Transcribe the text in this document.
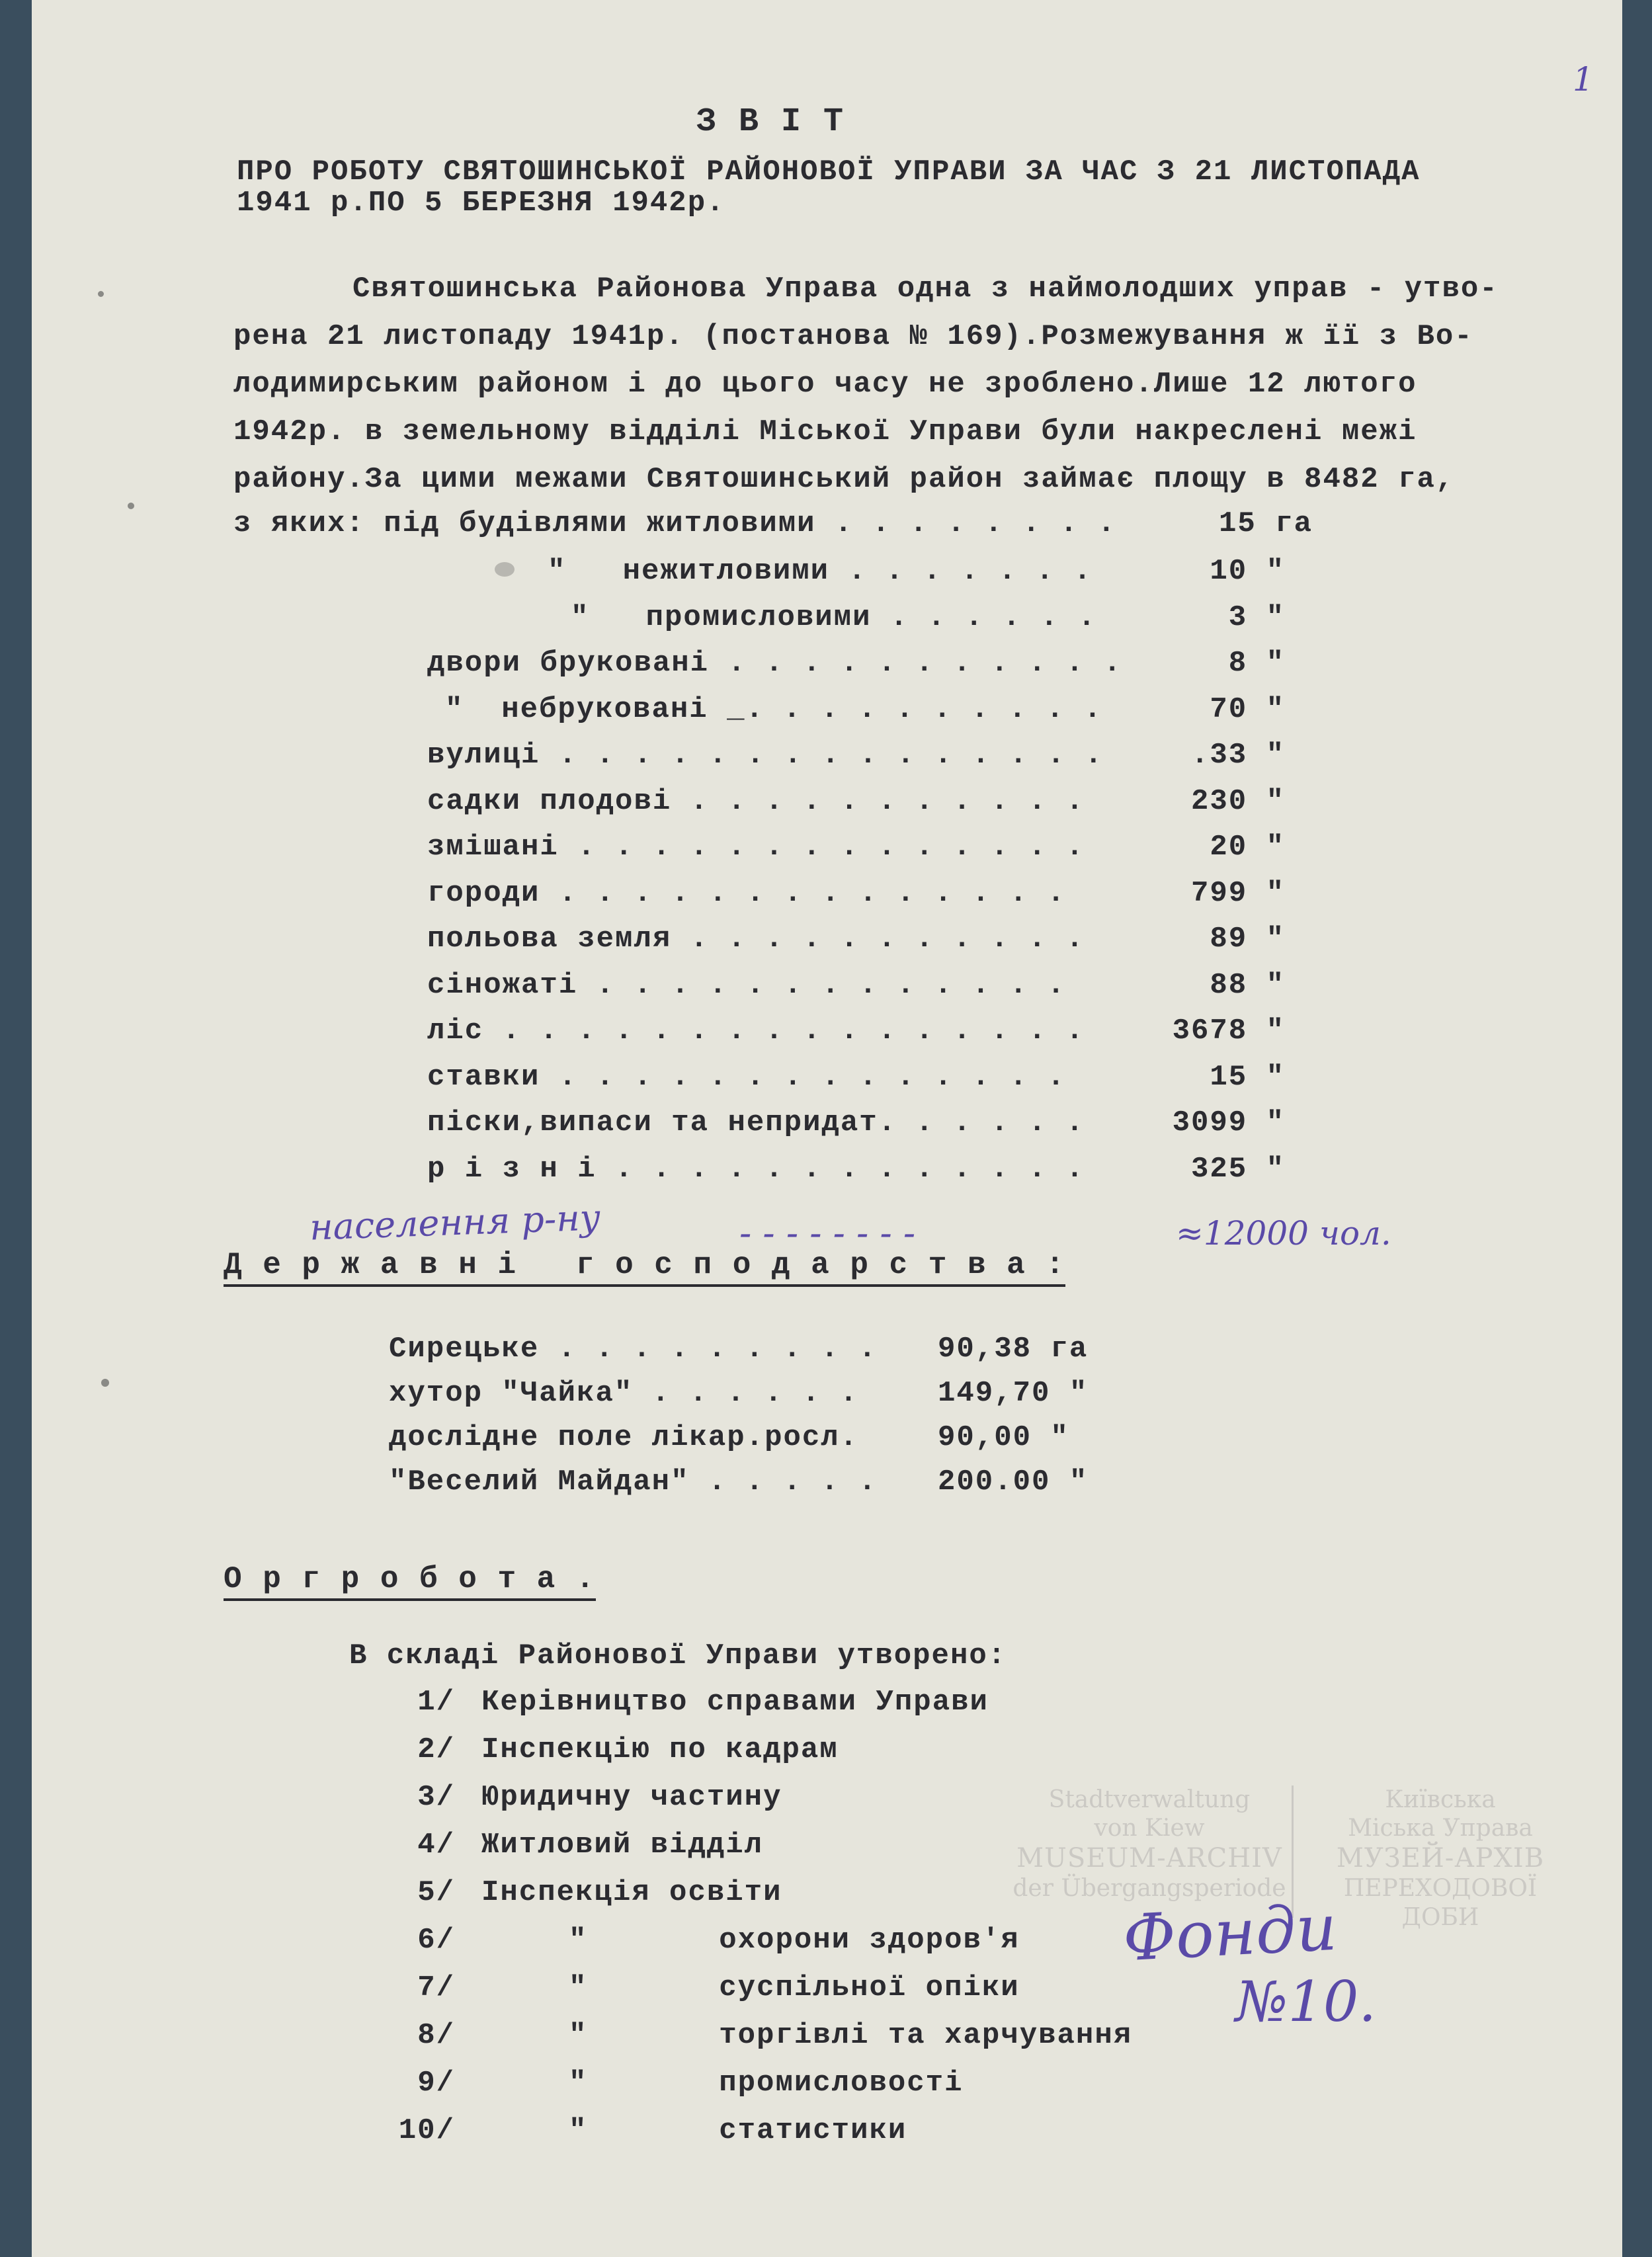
1
З В І Т
ПРО РОБОТУ СВЯТОШИНСЬКОЇ РАЙОНОВОЇ УПРАВИ ЗА ЧАС З 21 ЛИСТОПАДА
1941 р.ПО 5 БЕРЕЗНЯ 1942р.
Святошинська Районова Управа одна з наймолодших управ - утво-
рена 21 листопаду 1941р. (постанова № 169).Розмежування ж її з Во-
лодимирським районом і до цього часу не зроблено.Лише 12 лютого
1942р. в земельному відділі Міської Управи були накреслені межі
району.За цими межами Святошинський район займає площу в 8482 га,
з яких: під будівлями житловими . . . . . . . .	15 га
"   нежитловими . . . . . . .	10 "
"   промисловими . . . . . .	3 "
двори бруковані . . . . . . . . . . .	8 "
"  небруковані _. . . . . . . . . .	70 "
вулиці . . . . . . . . . . . . . . .	.33 "
садки плодові . . . . . . . . . . .	230 "
змішані . . . . . . . . . . . . . .	20 "
городи . . . . . . . . . . . . . .	799 "
польова земля . . . . . . . . . . .	89 "
сіножаті . . . . . . . . . . . . .	88 "
ліс . . . . . . . . . . . . . . . .	3678 "
ставки . . . . . . . . . . . . . .	15 "
піски,випаси та непридат. . . . . .	3099 "
р і з н і . . . . . . . . . . . . .	325 "
населення р-ну	- - - - - - - -	≈12000 чол.
Д е р ж а в н і   г о с п о д а р с т в а :
Сирецьке . . . . . . . . . 90,38 га
хутор "Чайка" . . . . . .	149,70 "
дослідне поле лікар.росл.	90,00 "
"Веселий Майдан" . . . . . 200.00 "
О р г р о б о т а .
В складі Районової Управи утворено:
1/ Керівництво справами Управи
2/ Інспекцію по кадрам
3/ Юридичну частину
4/ Житловий відділ
5/ Інспекція освіти
6/	"       охорони здоров'я
7/	"       суспільної опіки
8/	"       торгівлі та харчування
9/	"       промисловості
10/	"       статистики
Stadtverwaltung
von Kiew
MUSEUM-ARCHIV
der Übergangsperiode
Київська
Міська Управа
МУЗЕЙ-АРХІВ
ПЕРЕХОДОВОЇ ДОБИ
Фонди
№10.
